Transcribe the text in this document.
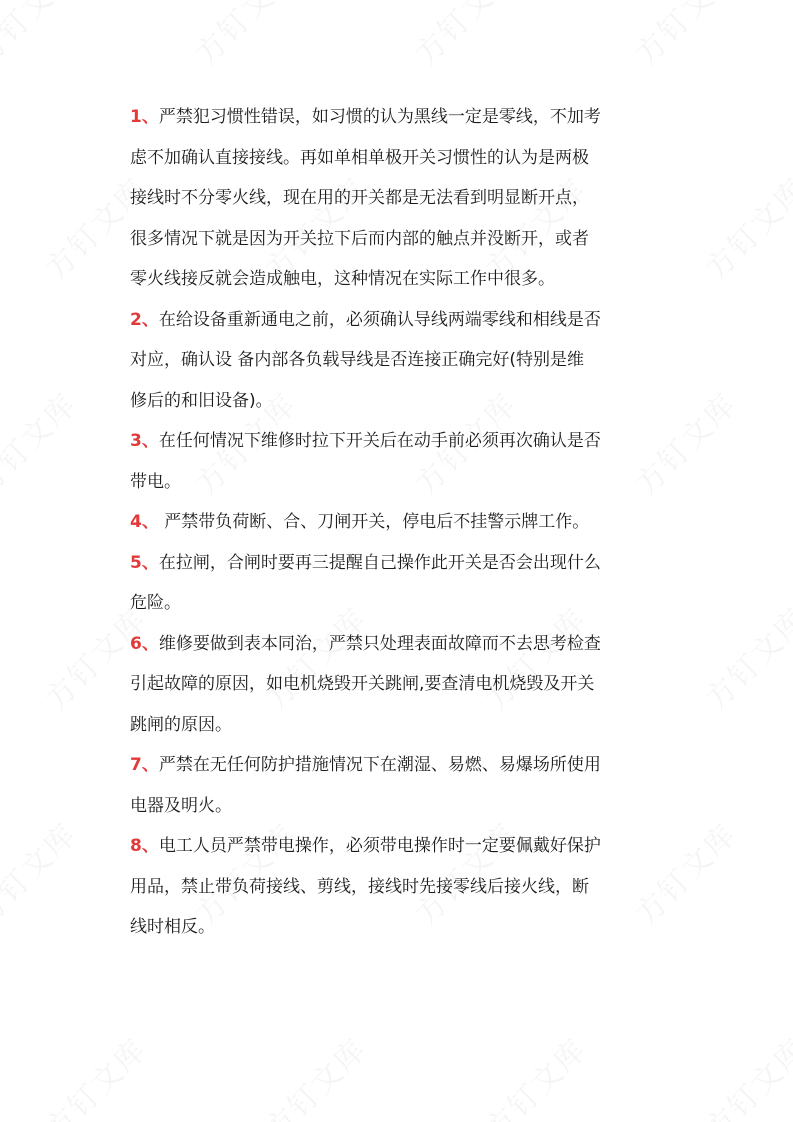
1、严禁犯习惯性错误，如习惯的认为黑线一定是零线，不加考
虑不加确认直接接线。再如单相单极开关习惯性的认为是两极
接线时不分零火线，现在用的开关都是无法看到明显断开点，
很多情况下就是因为开关拉下后而内部的触点并没断开，或者
零火线接反就会造成触电，这种情况在实际工作中很多。
2、在给设备重新通电之前，必须确认导线两端零线和相线是否
对应，确认设 备内部各负载导线是否连接正确完好(特别是维
修后的和旧设备)。
3、在任何情况下维修时拉下开关后在动手前必须再次确认是否
带电。
4、 严禁带负荷断、合、刀闸开关，停电后不挂警示牌工作。
5、在拉闸，合闸时要再三提醒自己操作此开关是否会出现什么
危险。
6、维修要做到表本同治，严禁只处理表面故障而不去思考检查
引起故障的原因，如电机烧毁开关跳闸,要查清电机烧毁及开关
跳闸的原因。
7、严禁在无任何防护措施情况下在潮湿、易燃、易爆场所使用
电器及明火。
8、电工人员严禁带电操作，必须带电操作时一定要佩戴好保护
用品，禁止带负荷接线、剪线，接线时先接零线后接火线，断
线时相反。
